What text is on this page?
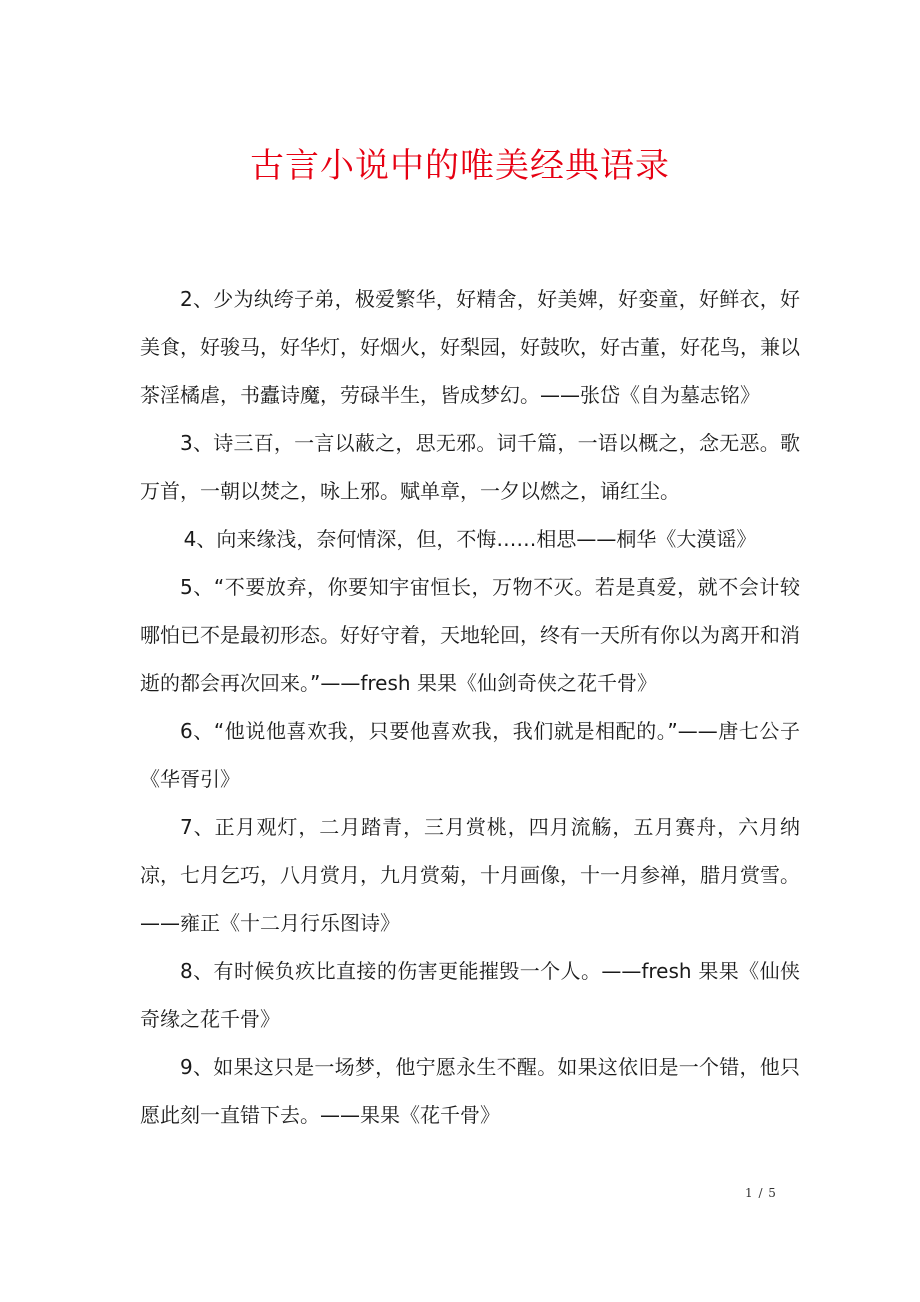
古言小说中的唯美经典语录

2、少为纨绔子弟，极爱繁华，好精舍，好美婢，好娈童，好鲜衣，好美食，好骏马，好华灯，好烟火，好梨园，好鼓吹，好古董，好花鸟，兼以茶淫橘虐，书蠹诗魔，劳碌半生，皆成梦幻。——张岱《自为墓志铭》

3、诗三百，一言以蔽之，思无邪。词千篇，一语以概之，念无恶。歌万首，一朝以焚之，咏上邪。赋单章，一夕以燃之，诵红尘。

4、向来缘浅，奈何情深，但，不悔……相思——桐华《大漠谣》

5、“不要放弃，你要知宇宙恒长，万物不灭。若是真爱，就不会计较哪怕已不是最初形态。好好守着，天地轮回，终有一天所有你以为离开和消逝的都会再次回来。”——fresh 果果《仙剑奇侠之花千骨》

6、“他说他喜欢我，只要他喜欢我，我们就是相配的。”——唐七公子《华胥引》

7、正月观灯，二月踏青，三月赏桃，四月流觞，五月赛舟，六月纳凉，七月乞巧，八月赏月，九月赏菊，十月画像，十一月参禅，腊月赏雪。——雍正《十二月行乐图诗》

8、有时候负疚比直接的伤害更能摧毁一个人。——fresh 果果《仙侠奇缘之花千骨》

9、如果这只是一场梦，他宁愿永生不醒。如果这依旧是一个错，他只愿此刻一直错下去。——果果《花千骨》

1 / 5
